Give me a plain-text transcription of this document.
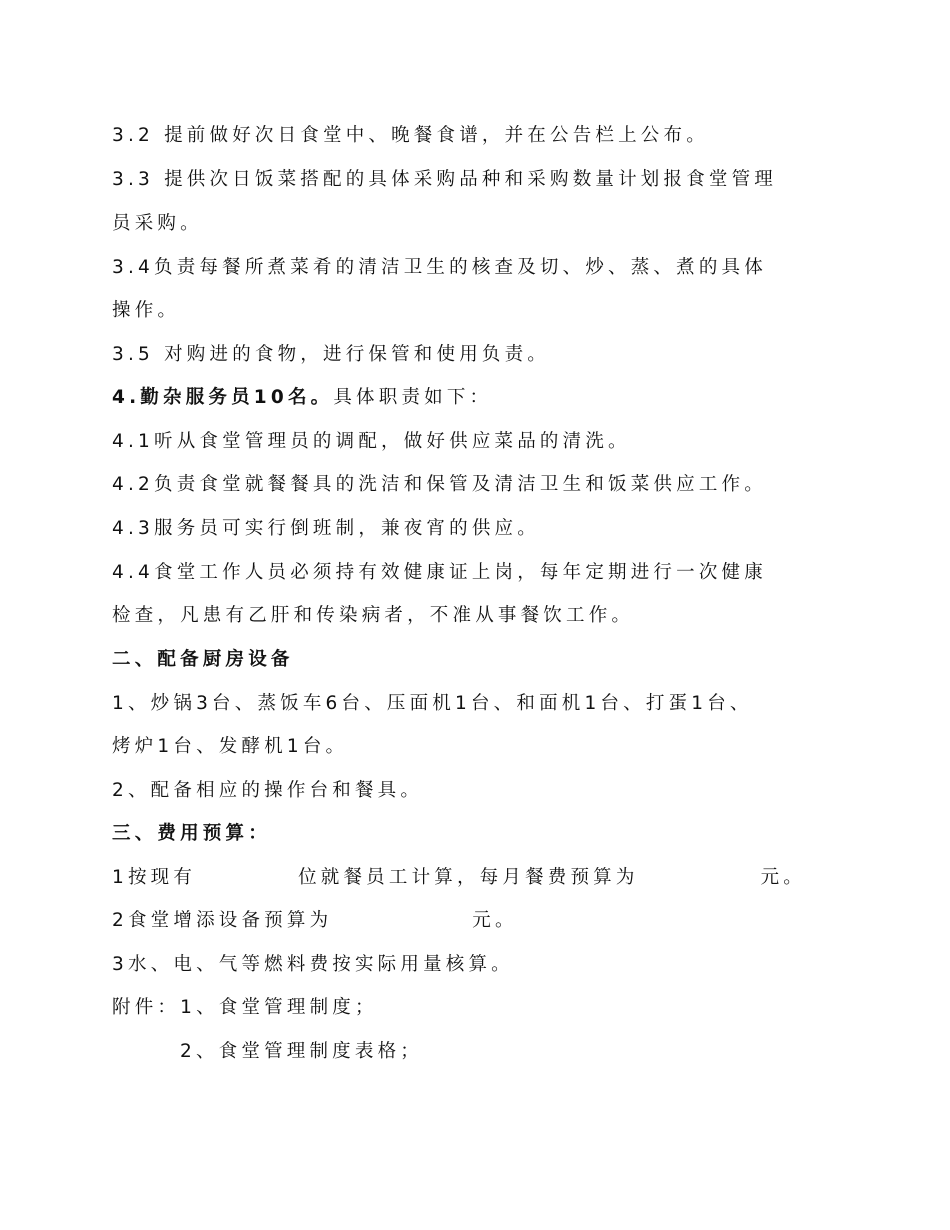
3.2 提前做好次日食堂中、晚餐食谱，并在公告栏上公布。
3.3 提供次日饭菜搭配的具体采购品种和采购数量计划报食堂管理
员采购。
3.4负责每餐所煮菜肴的清洁卫生的核查及切、炒、蒸、煮的具体
操作。
3.5 对购进的食物，进行保管和使用负责。
4.勤杂服务员10名。具体职责如下：
4.1听从食堂管理员的调配，做好供应菜品的清洗。
4.2负责食堂就餐餐具的洗洁和保管及清洁卫生和饭菜供应工作。
4.3服务员可实行倒班制，兼夜宵的供应。
4.4食堂工作人员必须持有效健康证上岗，每年定期进行一次健康
检查，凡患有乙肝和传染病者，不准从事餐饮工作。
二、配备厨房设备
1、炒锅3台、蒸饭车6台、压面机1台、和面机1台、打蛋1台、
烤炉1台、发酵机1台。
2、配备相应的操作台和餐具。
三、费用预算：
1按现有	位就餐员工计算，每月餐费预算为	元。
2食堂增添设备预算为	元。
3水、电、气等燃料费按实际用量核算。
附件：1、食堂管理制度；
2、食堂管理制度表格；
